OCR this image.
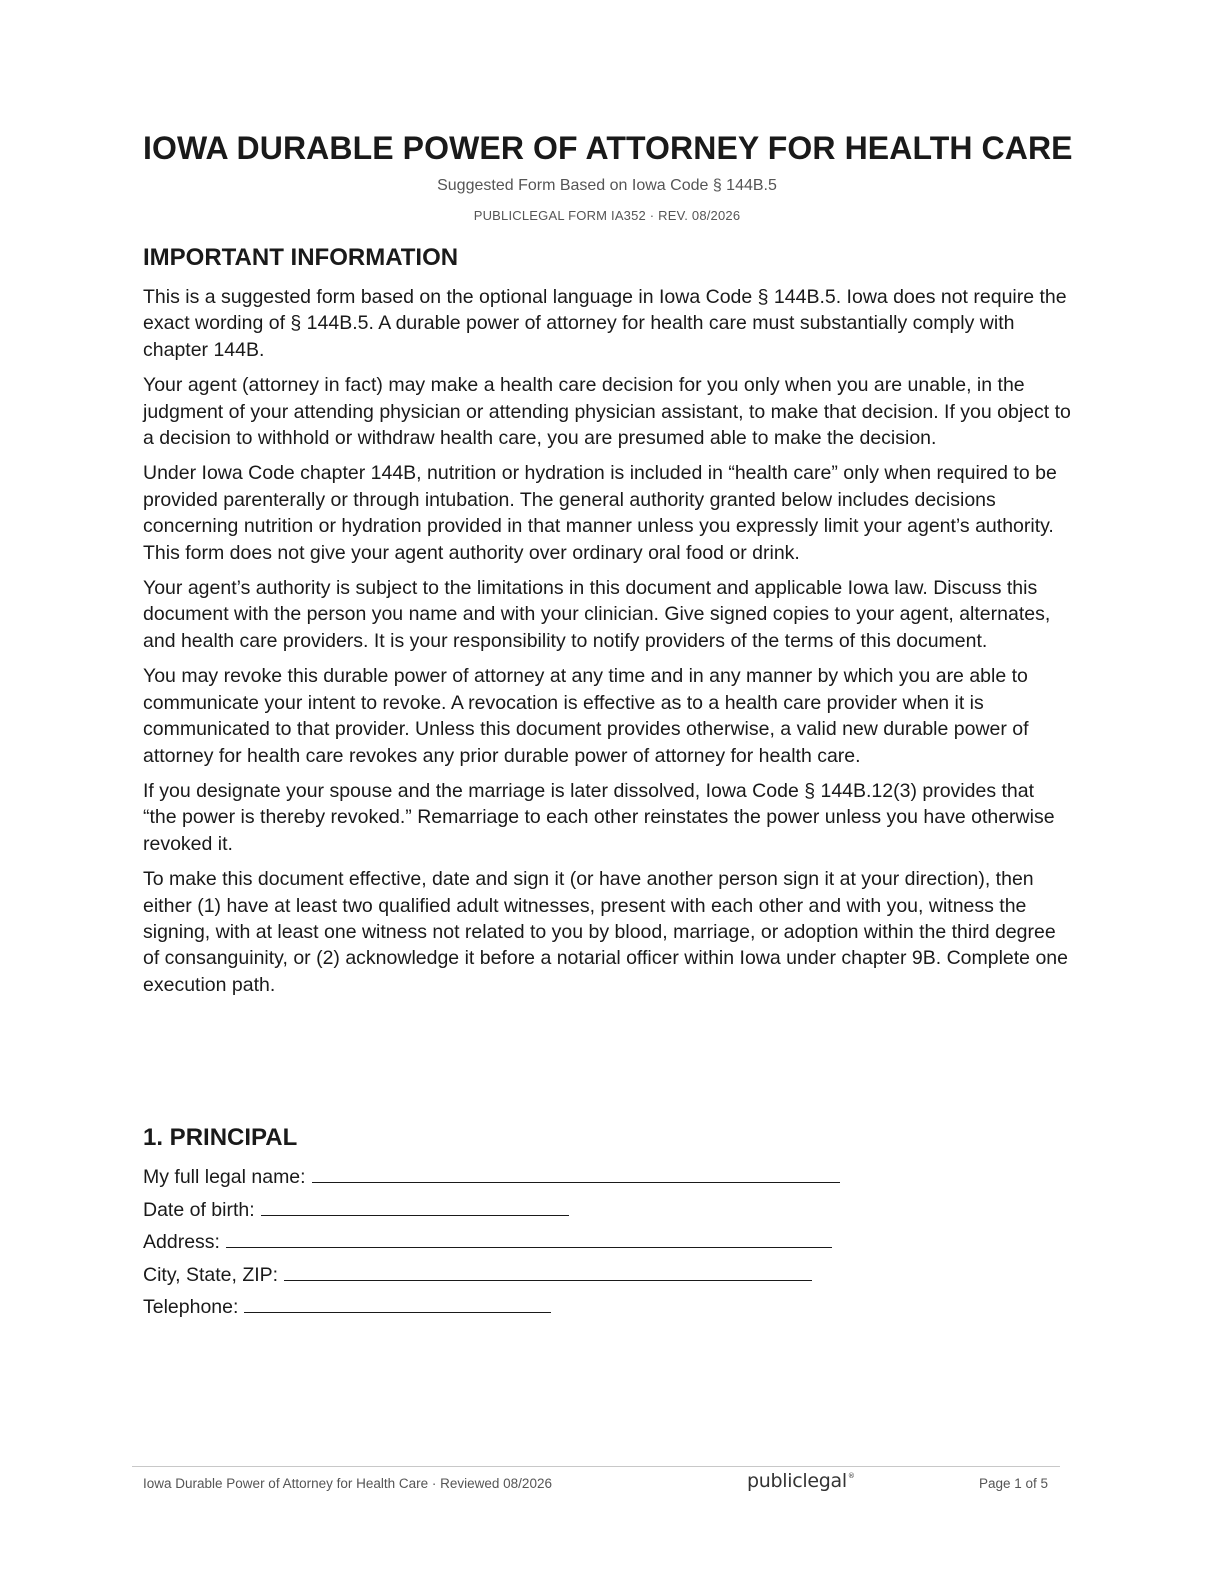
IOWA DURABLE POWER OF ATTORNEY FOR HEALTH CARE
Suggested Form Based on Iowa Code § 144B.5
PUBLICLEGAL FORM IA352 · REV. 08/2026
IMPORTANT INFORMATION

This is a suggested form based on the optional language in Iowa Code § 144B.5. Iowa does not require the exact wording of § 144B.5. A durable power of attorney for health care must substantially comply with chapter 144B.

Your agent (attorney in fact) may make a health care decision for you only when you are unable, in the judgment of your attending physician or attending physician assistant, to make that decision. If you object to a decision to withhold or withdraw health care, you are presumed able to make the decision.

Under Iowa Code chapter 144B, nutrition or hydration is included in “health care” only when required to be provided parenterally or through intubation. The general authority granted below includes decisions concerning nutrition or hydration provided in that manner unless you expressly limit your agent’s authority. This form does not give your agent authority over ordinary oral food or drink.

Your agent’s authority is subject to the limitations in this document and applicable Iowa law. Discuss this document with the person you name and with your clinician. Give signed copies to your agent, alternates, and health care providers. It is your responsibility to notify providers of the terms of this document.

You may revoke this durable power of attorney at any time and in any manner by which you are able to communicate your intent to revoke. A revocation is effective as to a health care provider when it is communicated to that provider. Unless this document provides otherwise, a valid new durable power of attorney for health care revokes any prior durable power of attorney for health care.

If you designate your spouse and the marriage is later dissolved, Iowa Code § 144B.12(3) provides that “the power is thereby revoked.” Remarriage to each other reinstates the power unless you have otherwise revoked it.

To make this document effective, date and sign it (or have another person sign it at your direction), then either (1) have at least two qualified adult witnesses, present with each other and with you, witness the signing, with at least one witness not related to you by blood, marriage, or adoption within the third degree of consanguinity, or (2) acknowledge it before a notarial officer within Iowa under chapter 9B. Complete one execution path.

1. PRINCIPAL
My full legal name:
Date of birth:
Address:
City, State, ZIP:
Telephone:
Iowa Durable Power of Attorney for Health Care · Reviewed 08/2026	publiclegal®	Page 1 of 5
